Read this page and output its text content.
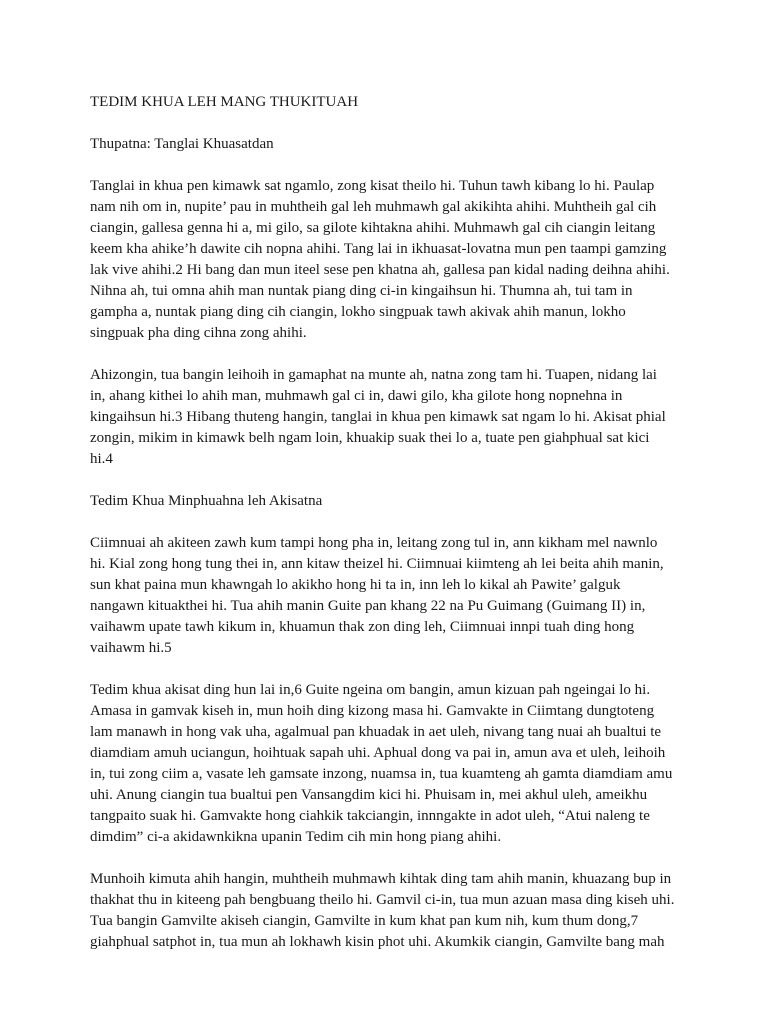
TEDIM KHUA LEH MANG THUKITUAH

Thupatna: Tanglai Khuasatdan

Tanglai in khua pen kimawk sat ngamlo, zong kisat theilo hi. Tuhun tawh kibang lo hi. Paulap
nam nih om in, nupite’ pau in muhtheih gal leh muhmawh gal akikihta ahihi. Muhtheih gal cih
ciangin, gallesa genna hi a, mi gilo, sa gilote kihtakna ahihi. Muhmawh gal cih ciangin leitang
keem kha ahike’h dawite cih nopna ahihi. Tang lai in ikhuasat-lovatna mun pen taampi gamzing
lak vive ahihi.2 Hi bang dan mun iteel sese pen khatna ah, gallesa pan kidal nading deihna ahihi.
Nihna ah, tui omna ahih man nuntak piang ding ci-in kingaihsun hi. Thumna ah, tui tam in
gampha a, nuntak piang ding cih ciangin, lokho singpuak tawh akivak ahih manun, lokho
singpuak pha ding cihna zong ahihi.
Ahizongin, tua bangin leihoih in gamaphat na munte ah, natna zong tam hi. Tuapen, nidang lai
in, ahang kithei lo ahih man, muhmawh gal ci in, dawi gilo, kha gilote hong nopnehna in
kingaihsun hi.3 Hibang thuteng hangin, tanglai in khua pen kimawk sat ngam lo hi. Akisat phial
zongin, mikim in kimawk belh ngam loin, khuakip suak thei lo a, tuate pen giahphual sat kici
hi.4

Tedim Khua Minphuahna leh Akisatna

Ciimnuai ah akiteen zawh kum tampi hong pha in, leitang zong tul in, ann kikham mel nawnlo
hi. Kial zong hong tung thei in, ann kitaw theizel hi. Ciimnuai kiimteng ah lei beita ahih manin,
sun khat paina mun khawngah lo akikho hong hi ta in, inn leh lo kikal ah Pawite’ galguk
nangawn kituakthei hi. Tua ahih manin Guite pan khang 22 na Pu Guimang (Guimang II) in,
vaihawm upate tawh kikum in, khuamun thak zon ding leh, Ciimnuai innpi tuah ding hong
vaihawm hi.5
Tedim khua akisat ding hun lai in,6 Guite ngeina om bangin, amun kizuan pah ngeingai lo hi.
Amasa in gamvak kiseh in, mun hoih ding kizong masa hi. Gamvakte in Ciimtang dungtoteng
lam manawh in hong vak uha, agalmual pan khuadak in aet uleh, nivang tang nuai ah bualtui te
diamdiam amuh uciangun, hoihtuak sapah uhi. Aphual dong va pai in, amun ava et uleh, leihoih
in, tui zong ciim a, vasate leh gamsate inzong, nuamsa in, tua kuamteng ah gamta diamdiam amu
uhi. Anung ciangin tua bualtui pen Vansangdim kici hi. Phuisam in, mei akhul uleh, ameikhu
tangpaito suak hi. Gamvakte hong ciahkik takciangin, innngakte in adot uleh, “Atui naleng te
dimdim” ci-a akidawnkikna upanin Tedim cih min hong piang ahihi.
Munhoih kimuta ahih hangin, muhtheih muhmawh kihtak ding tam ahih manin, khuazang bup in
thakhat thu in kiteeng pah bengbuang theilo hi. Gamvil ci-in, tua mun azuan masa ding kiseh uhi.
Tua bangin Gamvilte akiseh ciangin, Gamvilte in kum khat pan kum nih, kum thum dong,7
giahphual satphot in, tua mun ah lokhawh kisin phot uhi. Akumkik ciangin, Gamvilte bang mah
